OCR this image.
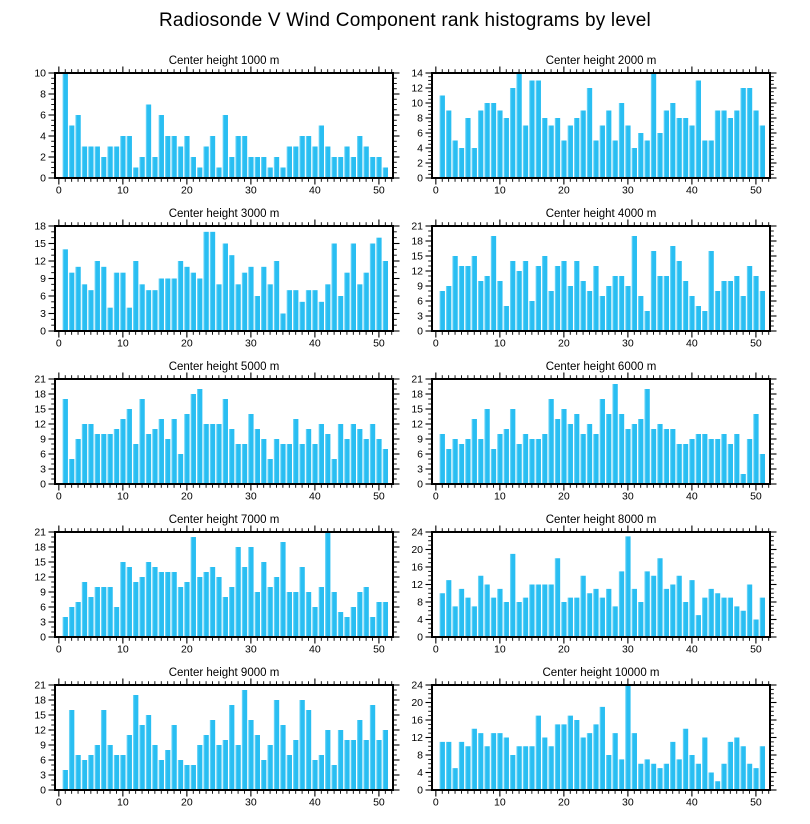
Radiosonde V Wind Component rank histograms by level
0	10	20	30	40	50
0
2
4
6
8
10
Center height 1000 m
0	10	20	30	40	50
0
2
4
6
8
10
12
14
Center height 2000 m
0	10	20	30	40	50
0
3
6
9
12
15
18
Center height 3000 m
0	10	20	30	40	50
0
3
6
9
12
15
18
21
Center height 4000 m
0	10	20	30	40	50
0
3
6
9
12
15
18
21
Center height 5000 m
0	10	20	30	40	50
0
3
6
9
12
15
18
21
Center height 6000 m
0	10	20	30	40	50
0
3
6
9
12
15
18
21
Center height 7000 m
0	10	20	30	40	50
0
4
8
12
16
20
24
Center height 8000 m
0	10	20	30	40	50
0
3
6
9
12
15
18
21
Center height 9000 m
0	10	20	30	40	50
0
4
8
12
16
20
24
Center height 10000 m
